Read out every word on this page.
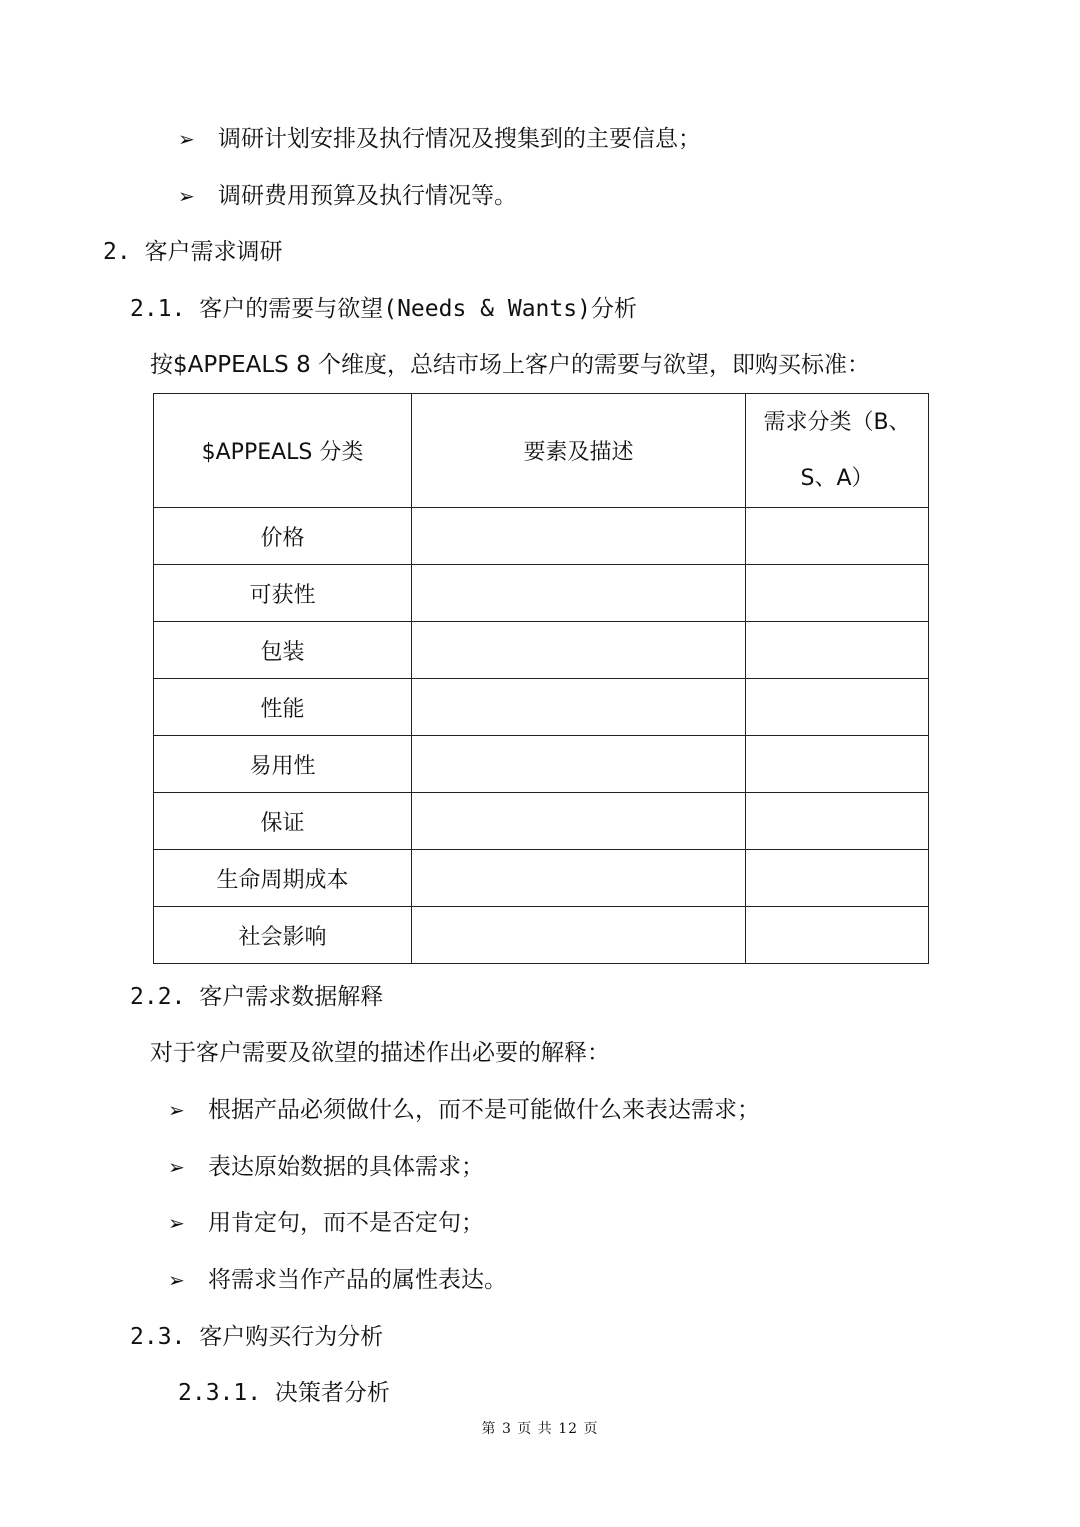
➢ 调研计划安排及执行情况及搜集到的主要信息；
➢ 调研费用预算及执行情况等。
2. 客户需求调研
2.1. 客户的需要与欲望(Needs & Wants)分析
按$APPEALS 8 个维度，总结市场上客户的需要与欲望，即购买标准：
$APPEALS 分类	要素及描述	需求分类（B、S、A）
价格		
可获性		
包装		
性能		
易用性		
保证		
生命周期成本		
社会影响		
2.2. 客户需求数据解释
对于客户需要及欲望的描述作出必要的解释：
➢ 根据产品必须做什么，而不是可能做什么来表达需求；
➢ 表达原始数据的具体需求；
➢ 用肯定句，而不是否定句；
➢ 将需求当作产品的属性表达。
2.3. 客户购买行为分析
2.3.1. 决策者分析
第 3 页 共 12 页
